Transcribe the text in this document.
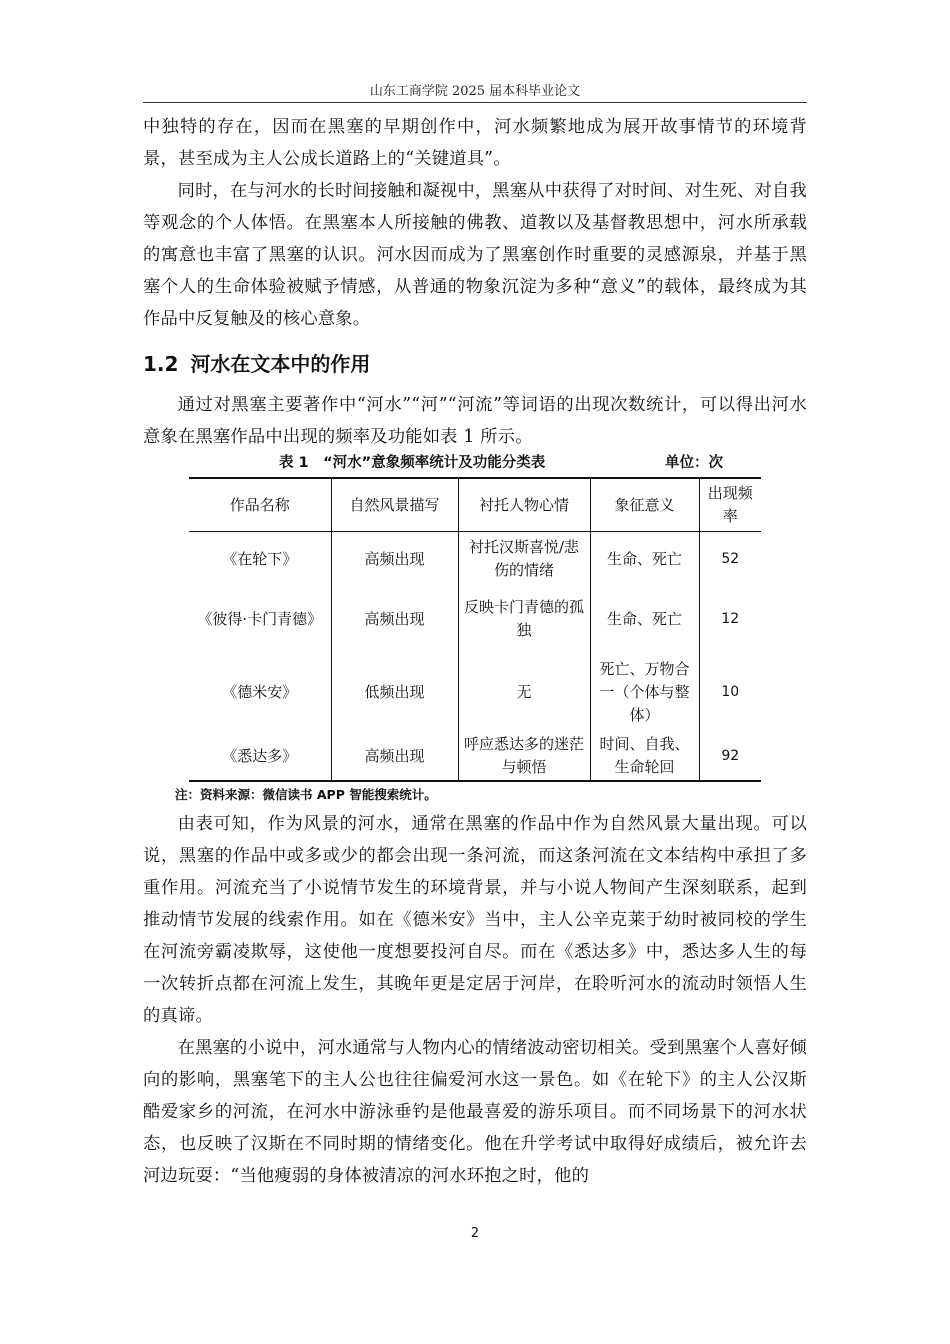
山东工商学院 2025 届本科毕业论文

中独特的存在，因而在黑塞的早期创作中，河水频繁地成为展开故事情节的环境背景，甚至成为主人公成长道路上的“关键道具”。

同时，在与河水的长时间接触和凝视中，黑塞从中获得了对时间、对生死、对自我等观念的个人体悟。在黑塞本人所接触的佛教、道教以及基督教思想中，河水所承载的寓意也丰富了黑塞的认识。河水因而成为了黑塞创作时重要的灵感源泉，并基于黑塞个人的生命体验被赋予情感，从普通的物象沉淀为多种“意义”的载体，最终成为其作品中反复触及的核心意象。

1.2 河水在文本中的作用

通过对黑塞主要著作中“河水”“河”“河流”等词语的出现次数统计，可以得出河水意象在黑塞作品中出现的频率及功能如表 1 所示。

表 1　“河水”意象频率统计及功能分类表	单位：次
作品名称	自然风景描写	衬托人物心情	象征意义	出现频率
《在轮下》	高频出现	衬托汉斯喜悦/悲伤的情绪	生命、死亡	52
《彼得·卡门青德》	高频出现	反映卡门青德的孤独	生命、死亡	12
《德米安》	低频出现	无	死亡、万物合一（个体与整体）	10
《悉达多》	高频出现	呼应悉达多的迷茫与顿悟	时间、自我、生命轮回	92

注：资料来源：微信读书 APP 智能搜索统计。

由表可知，作为风景的河水，通常在黑塞的作品中作为自然风景大量出现。可以说，黑塞的作品中或多或少的都会出现一条河流，而这条河流在文本结构中承担了多重作用。河流充当了小说情节发生的环境背景，并与小说人物间产生深刻联系，起到推动情节发展的线索作用。如在《德米安》当中，主人公辛克莱于幼时被同校的学生在河流旁霸凌欺辱，这使他一度想要投河自尽。而在《悉达多》中，悉达多人生的每一次转折点都在河流上发生，其晚年更是定居于河岸，在聆听河水的流动时领悟人生的真谛。

在黑塞的小说中，河水通常与人物内心的情绪波动密切相关。受到黑塞个人喜好倾向的影响，黑塞笔下的主人公也往往偏爱河水这一景色。如《在轮下》的主人公汉斯酷爱家乡的河流，在河水中游泳垂钓是他最喜爱的游乐项目。而不同场景下的河水状态，也反映了汉斯在不同时期的情绪变化。他在升学考试中取得好成绩后，被允许去河边玩耍：“当他瘦弱的身体被清凉的河水环抱之时，他的

2
